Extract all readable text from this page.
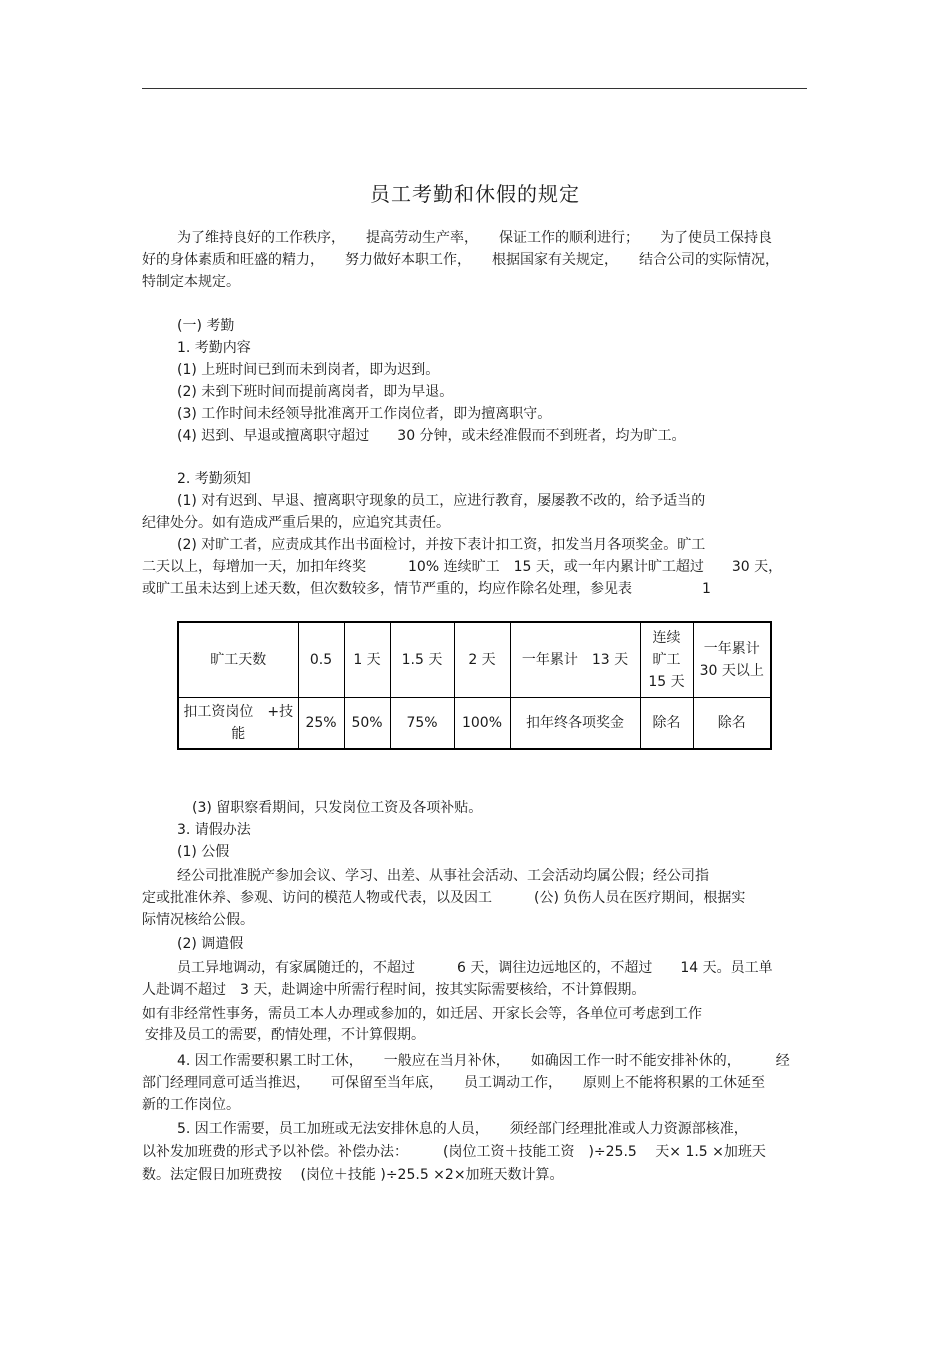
员工考勤和休假的规定
为了维持良好的工作秩序，　　提高劳动生产率，　　保证工作的顺利进行；　　为了使员工保持良
好的身体素质和旺盛的精力，　　努力做好本职工作，　　根据国家有关规定，　　结合公司的实际情况，
特制定本规定。
(一) 考勤
1. 考勤内容
(1) 上班时间已到而未到岗者，即为迟到。
(2) 未到下班时间而提前离岗者，即为早退。
(3) 工作时间未经领导批准离开工作岗位者，即为擅离职守。
(4) 迟到、早退或擅离职守超过　　30 分钟，或未经准假而不到班者，均为旷工。
2. 考勤须知
(1) 对有迟到、早退、擅离职守现象的员工，应进行教育，屡屡教不改的，给予适当的
纪律处分。如有造成严重后果的，应追究其责任。
(2) 对旷工者，应责成其作出书面检讨，并按下表计扣工资，扣发当月各项奖金。旷工
二天以上，每增加一天，加扣年终奖　　　10% 连续旷工　15 天，或一年内累计旷工超过　　30 天，
或旷工虽未达到上述天数，但次数较多，情节严重的，均应作除名处理，参见表　　　　　1
旷工天数	0.5	1 天	1.5 天	2 天	一年累计　13 天	连续旷工 15 天	一年累计 30 天以上
扣工资岗位　+技能	25%	50%	75%	100%	扣年终各项奖金	除名	除名
(3) 留职察看期间，只发岗位工资及各项补贴。
3. 请假办法
(1) 公假
经公司批准脱产参加会议、学习、出差、从事社会活动、工会活动均属公假；经公司指
定或批准休养、参观、访问的模范人物或代表，以及因工　　　(公) 负伤人员在医疗期间，根据实
际情况核给公假。
(2) 调遣假
员工异地调动，有家属随迁的，不超过　　　6 天，调往边远地区的，不超过　　14 天。员工单
人赴调不超过　3 天，赴调途中所需行程时间，按其实际需要核给，不计算假期。
如有非经常性事务，需员工本人办理或参加的，如迁居、开家长会等，各单位可考虑到工作
安排及员工的需要，酌情处理，不计算假期。
4. 因工作需要积累工时工休，　　一般应在当月补休，　　如确因工作一时不能安排补休的，　　　经
部门经理同意可适当推迟，　　可保留至当年底，　　员工调动工作，　　原则上不能将积累的工休延至
新的工作岗位。
5. 因工作需要，员工加班或无法安排休息的人员，　　须经部门经理批准或人力资源部核准，
以补发加班费的形式予以补偿。补偿办法：　　　(岗位工资＋技能工资　)÷25.5　 天× 1.5 ×加班天
数。法定假日加班费按　 (岗位＋技能 )÷25.5 ×2×加班天数计算。
